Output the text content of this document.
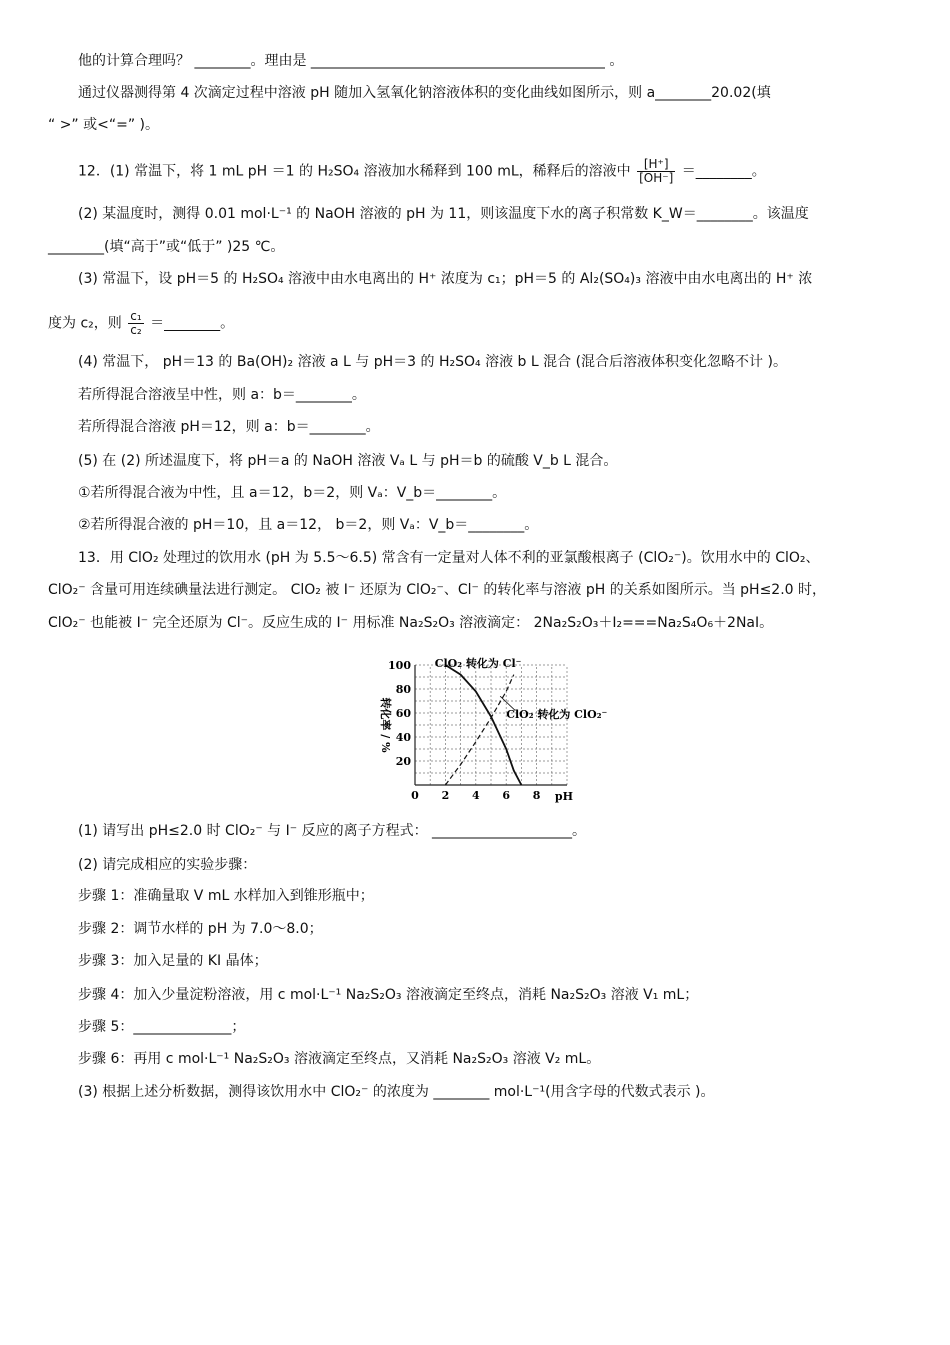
他的计算合理吗？ ________。理由是 __________________________________________ 。
通过仪器测得第 4 次滴定过程中溶液 pH 随加入氢氧化钠溶液体积的变化曲线如图所示，则 a________20.02(填
“ >” 或<“=” )。
(2) 某温度时，测得 0.01 mol·L⁻¹ 的 NaOH 溶液的 pH 为 11，则该温度下水的离子积常数 K_W＝________。该温度
________(填“高于”或“低于” )25 ℃。
(3) 常温下，设 pH＝5 的 H₂SO₄ 溶液中由水电离出的 H⁺ 浓度为 c₁；pH＝5 的 Al₂(SO₄)₃ 溶液中由水电离出的 H⁺ 浓
(4) 常温下， pH＝13 的 Ba(OH)₂ 溶液 a L 与 pH＝3 的 H₂SO₄ 溶液 b L 混合 (混合后溶液体积变化忽略不计 )。
若所得混合溶液呈中性，则 a：b＝________。
若所得混合溶液 pH＝12，则 a：b＝________。
(5) 在 (2) 所述温度下，将 pH＝a 的 NaOH 溶液 Vₐ L 与 pH＝b 的硫酸 V_b L 混合。
①若所得混合液为中性，且 a＝12，b＝2，则 Vₐ：V_b＝________。
②若所得混合液的 pH＝10，且 a＝12， b＝2，则 Vₐ：V_b＝________。
13．用 ClO₂ 处理过的饮用水 (pH 为 5.5～6.5) 常含有一定量对人体不利的亚氯酸根离子 (ClO₂⁻)。饮用水中的 ClO₂、
ClO₂⁻ 含量可用连续碘量法进行测定。 ClO₂ 被 I⁻ 还原为 ClO₂⁻、Cl⁻ 的转化率与溶液 pH 的关系如图所示。当 pH≤2.0 时，
ClO₂⁻ 也能被 I⁻ 完全还原为 Cl⁻。反应生成的 I⁻ 用标准 Na₂S₂O₃ 溶液滴定： 2Na₂S₂O₃＋I₂===Na₂S₄O₆＋2NaI。
(1) 请写出 pH≤2.0 时 ClO₂⁻ 与 I⁻ 反应的离子方程式： ____________________。
(2) 请完成相应的实验步骤：
步骤 1：准确量取 V mL 水样加入到锥形瓶中；
步骤 2：调节水样的 pH 为 7.0～8.0；
步骤 3：加入足量的 KI 晶体；
步骤 4：加入少量淀粉溶液，用 c mol·L⁻¹ Na₂S₂O₃ 溶液滴定至终点，消耗 Na₂S₂O₃ 溶液 V₁ mL；
步骤 5：______________；
步骤 6：再用 c mol·L⁻¹ Na₂S₂O₃ 溶液滴定至终点，又消耗 Na₂S₂O₃ 溶液 V₂ mL。
(3) 根据上述分析数据，测得该饮用水中 ClO₂⁻ 的浓度为 ________ mol·L⁻¹(用含字母的代数式表示 )。
12．(1) 常温下，将 1 mL pH ＝1 的 H₂SO₄ 溶液加水稀释到 100 mL，稀释后的溶液中 $\frac{[H^+]}{[OH^-]}$ ＝________。
度为 c₂，则 $\frac{\text{c₁}}{\text{c₂}}$ ＝________。
0 2 4 6 8
20
40
60
80
100
pH
转化率 / %
ClO₂ 转化为 Cl⁻
ClO₂ 转化为 ClO₂⁻
